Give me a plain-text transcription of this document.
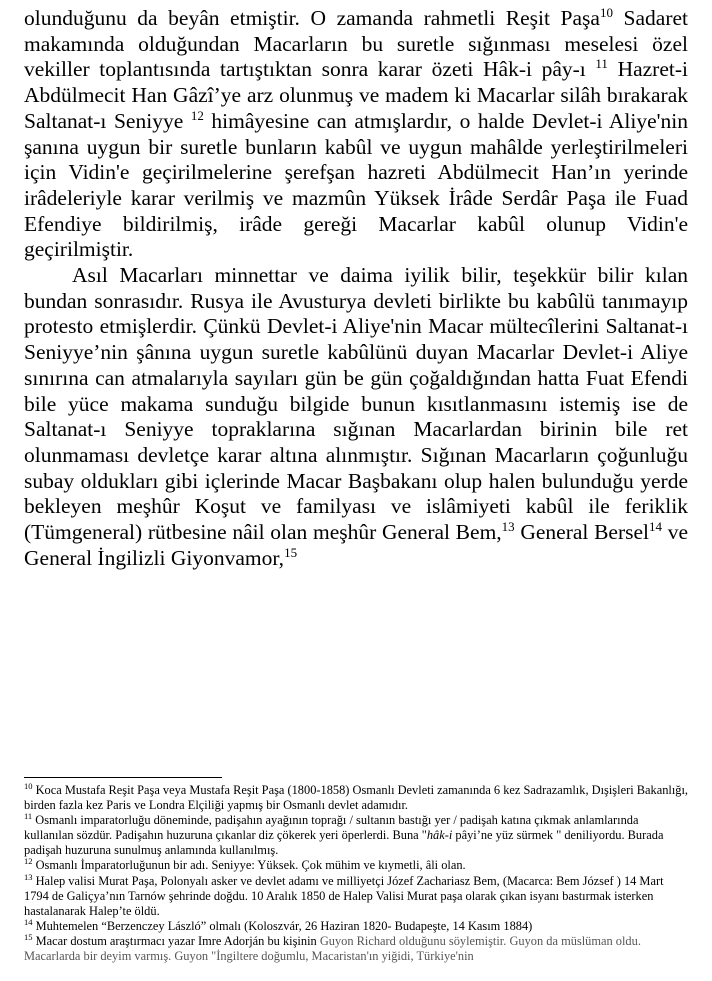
olunduğunu da beyân etmiştir. O zamanda rahmetli Reşit Paşa$^{10}$ Sadaret makamında olduğundan Macarların bu suretle sığınması meselesi özel vekiller toplantısında tartıştıktan sonra karar özeti Hâk-i pây-ı $^{11}$ Hazret-i Abdülmecit Han Gâzî’ye arz olunmuş ve madem ki Macarlar silâh bırakarak Saltanat-ı Seniyye $^{12}$ himâyesine can atmışlardır, o halde Devlet-i Aliye'nin şanına uygun bir suretle bunların kabûl ve uygun mahâlde yerleştirilmeleri için Vidin'e geçirilmelerine şerefşan hazreti Abdülmecit Han’ın yerinde irâdeleriyle karar verilmiş ve mazmûn Yüksek İrâde Serdâr Paşa ile Fuad Efendiye bildirilmiş, irâde gereği Macarlar kabûl olunup Vidin'e geçirilmiştir.

Asıl Macarları minnettar ve daima iyilik bilir, teşekkür bilir kılan bundan sonrasıdır. Rusya ile Avusturya devleti birlikte bu kabûlü tanımayıp protesto etmişlerdir. Çünkü Devlet-i Aliye'nin Macar mültecîlerini Saltanat-ı Seniyye’nin şânına uygun suretle kabûlünü duyan Macarlar Devlet-i Aliye sınırına can atmalarıyla sayıları gün be gün çoğaldığından hatta Fuat Efendi bile yüce makama sunduğu bilgide bunun kısıtlanmasını istemiş ise de Saltanat-ı Seniyye topraklarına sığınan Macarlardan birinin bile ret olunmaması devletçe karar altına alınmıştır. Sığınan Macarların çoğunluğu subay oldukları gibi içlerinde Macar Başbakanı olup halen bulunduğu yerde bekleyen meşhûr Koşut ve familyası ve islâmiyeti kabûl ile feriklik (Tümgeneral) rütbesine nâil olan meşhûr General Bem,$^{13}$ General Bersel$^{14}$ ve General İngilizli Giyonvamor,$^{15}$

$^{10}$ Koca Mustafa Reşit Paşa veya Mustafa Reşit Paşa (1800-1858) Osmanlı Devleti zamanında 6 kez Sadrazamlık, Dışişleri Bakanlığı, birden fazla kez Paris ve Londra Elçiliği yapmış bir Osmanlı devlet adamıdır.

$^{11}$ Osmanlı imparatorluğu döneminde, padişahın ayağının toprağı / sultanın bastığı yer / padişah katına çıkmak anlamlarında kullanılan sözdür. Padişahın huzuruna çıkanlar diz çökerek yeri öperlerdi. Buna "hâk-i pâyi’ne yüz sürmek " deniliyordu. Burada padişah huzuruna sunulmuş anlamında kullanılmış.

$^{12}$ Osmanlı İmparatorluğunun bir adı. Seniyye: Yüksek. Çok mühim ve kıymetli, âli olan.

$^{13}$ Halep valisi Murat Paşa, Polonyalı asker ve devlet adamı ve milliyetçi Józef Zachariasz Bem, (Macarca: Bem József ) 14 Mart 1794 de Galiçya’nın Tarnów şehrinde doğdu. 10 Aralık 1850 de Halep Valisi Murat paşa olarak çıkan isyanı bastırmak isterken hastalanarak Halep’te öldü.

$^{14}$ Muhtemelen “Berzenczey László” olmalı (Koloszvár, 26 Haziran 1820- Budapeşte, 14 Kasım 1884)

$^{15}$ Macar dostum araştırmacı yazar Imre Adorján bu kişinin Guyon Richard olduğunu söylemiştir. Guyon da müslüman oldu. Macarlarda bir deyim varmış. Guyon "İngiltere doğumlu, Macaristan'ın yiğidi, Türkiye'nin
